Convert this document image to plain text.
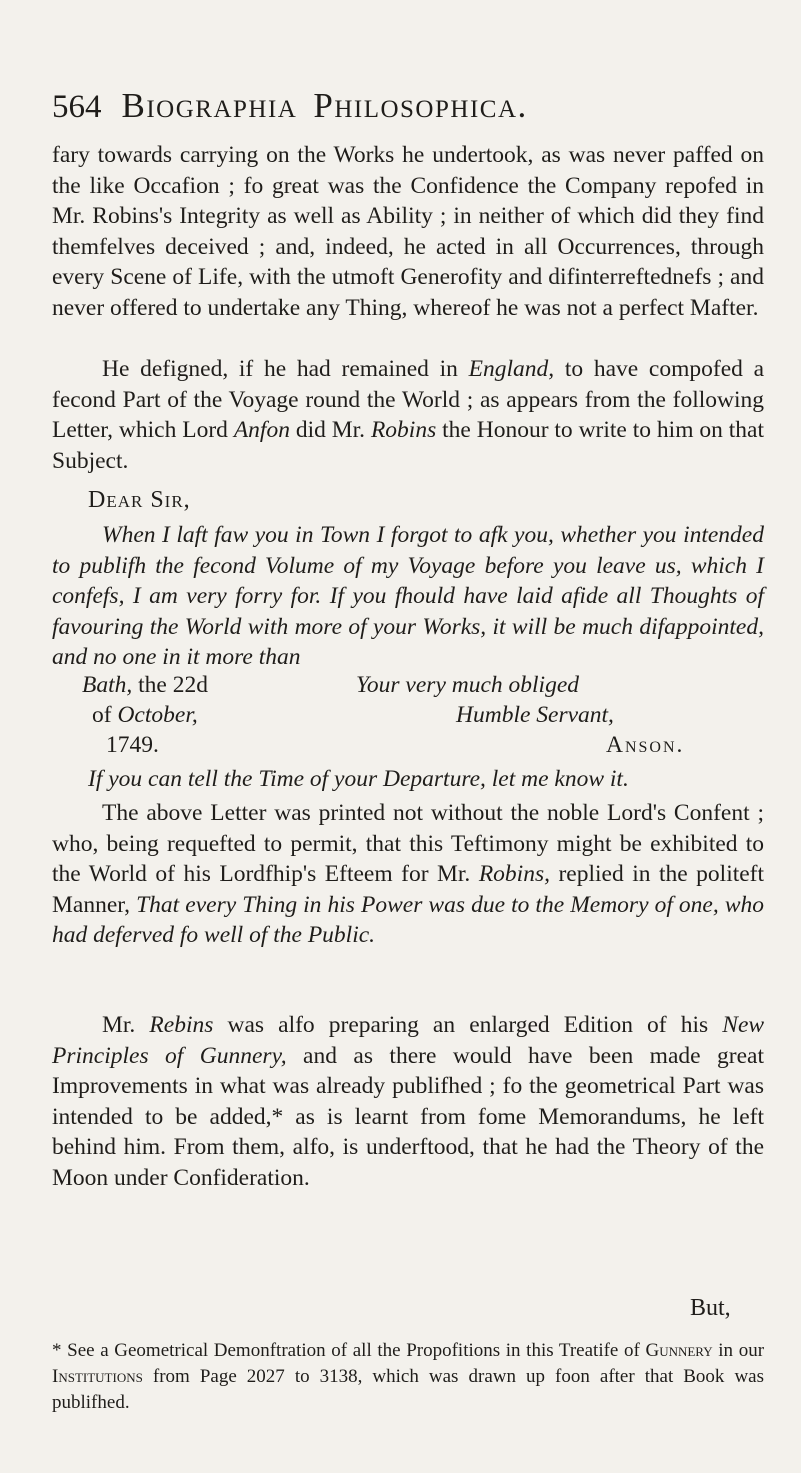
564 Biographia Philosophica.

fary towards carrying on the Works he undertook, as was never paffed on the like Occafion ; fo great was the Confidence the Company repofed in Mr. Robins's Integrity as well as Ability ; in neither of which did they find themfelves deceived ; and, indeed, he acted in all Occurrences, through every Scene of Life, with the utmoft Generofity and difinterreftednefs ; and never offered to undertake any Thing, whereof he was not a perfect Mafter.

He defigned, if he had remained in England, to have compofed a fecond Part of the Voyage round the World ; as appears from the following Letter, which Lord Anfon did Mr. Robins the Honour to write to him on that Subject.

Dear Sir,

When I laft faw you in Town I forgot to afk you, whether you intended to publifh the fecond Volume of my Voyage before you leave us, which I confefs, I am very forry for. If you fhould have laid afide all Thoughts of favouring the World with more of your Works, it will be much difappointed, and no one in it more than

Bath, the 22d
of October,
1749.
Your very much obliged
Humble Servant,
Anson.

If you can tell the Time of your Departure, let me know it.

The above Letter was printed not without the noble Lord's Confent ; who, being requefted to permit, that this Teftimony might be exhibited to the World of his Lordfhip's Efteem for Mr. Robins, replied in the politeft Manner, That every Thing in his Power was due to the Memory of one, who had deferved fo well of the Public.

Mr. Rebins was alfo preparing an enlarged Edition of his New Principles of Gunnery, and as there would have been made great Improvements in what was already publifhed ; fo the geometrical Part was intended to be added,* as is learnt from fome Memorandums, he left behind him. From them, alfo, is underftood, that he had the Theory of the Moon under Confideration.

But,

* See a Geometrical Demonftration of all the Propofitions in this Treatife of Gunnery in our Institutions from Page 2027 to 3138, which was drawn up foon after that Book was publifhed.
